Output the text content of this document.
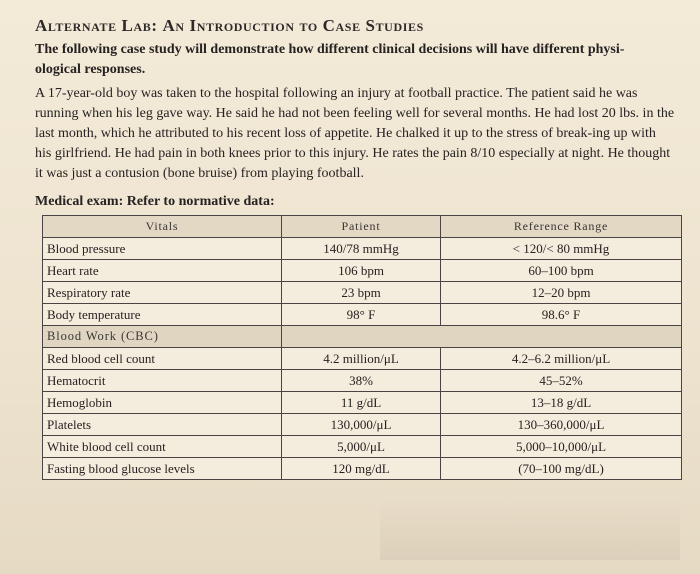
Alternate Lab: An Introduction to Case Studies
The following case study will demonstrate how different clinical decisions will have different physi-ological responses.
A 17-year-old boy was taken to the hospital following an injury at football practice. The patient said he was running when his leg gave way. He said he had not been feeling well for several months. He had lost 20 lbs. in the last month, which he attributed to his recent loss of appetite. He chalked it up to the stress of break-ing up with his girlfriend. He had pain in both knees prior to this injury. He rates the pain 8/10 especially at night. He thought it was just a contusion (bone bruise) from playing football.
Medical exam: Refer to normative data:
Vitals	Patient	Reference Range
Blood pressure	140/78 mmHg	< 120/< 80 mmHg
Heart rate	106 bpm	60–100 bpm
Respiratory rate	23 bpm	12–20 bpm
Body temperature	98° F	98.6° F
Blood Work (CBC)		
Red blood cell count	4.2 million/μL	4.2–6.2 million/μL
Hematocrit	38%	45–52%
Hemoglobin	11 g/dL	13–18 g/dL
Platelets	130,000/μL	130–360,000/μL
White blood cell count	5,000/μL	5,000–10,000/μL
Fasting blood glucose levels	120 mg/dL	(70–100 mg/dL)
